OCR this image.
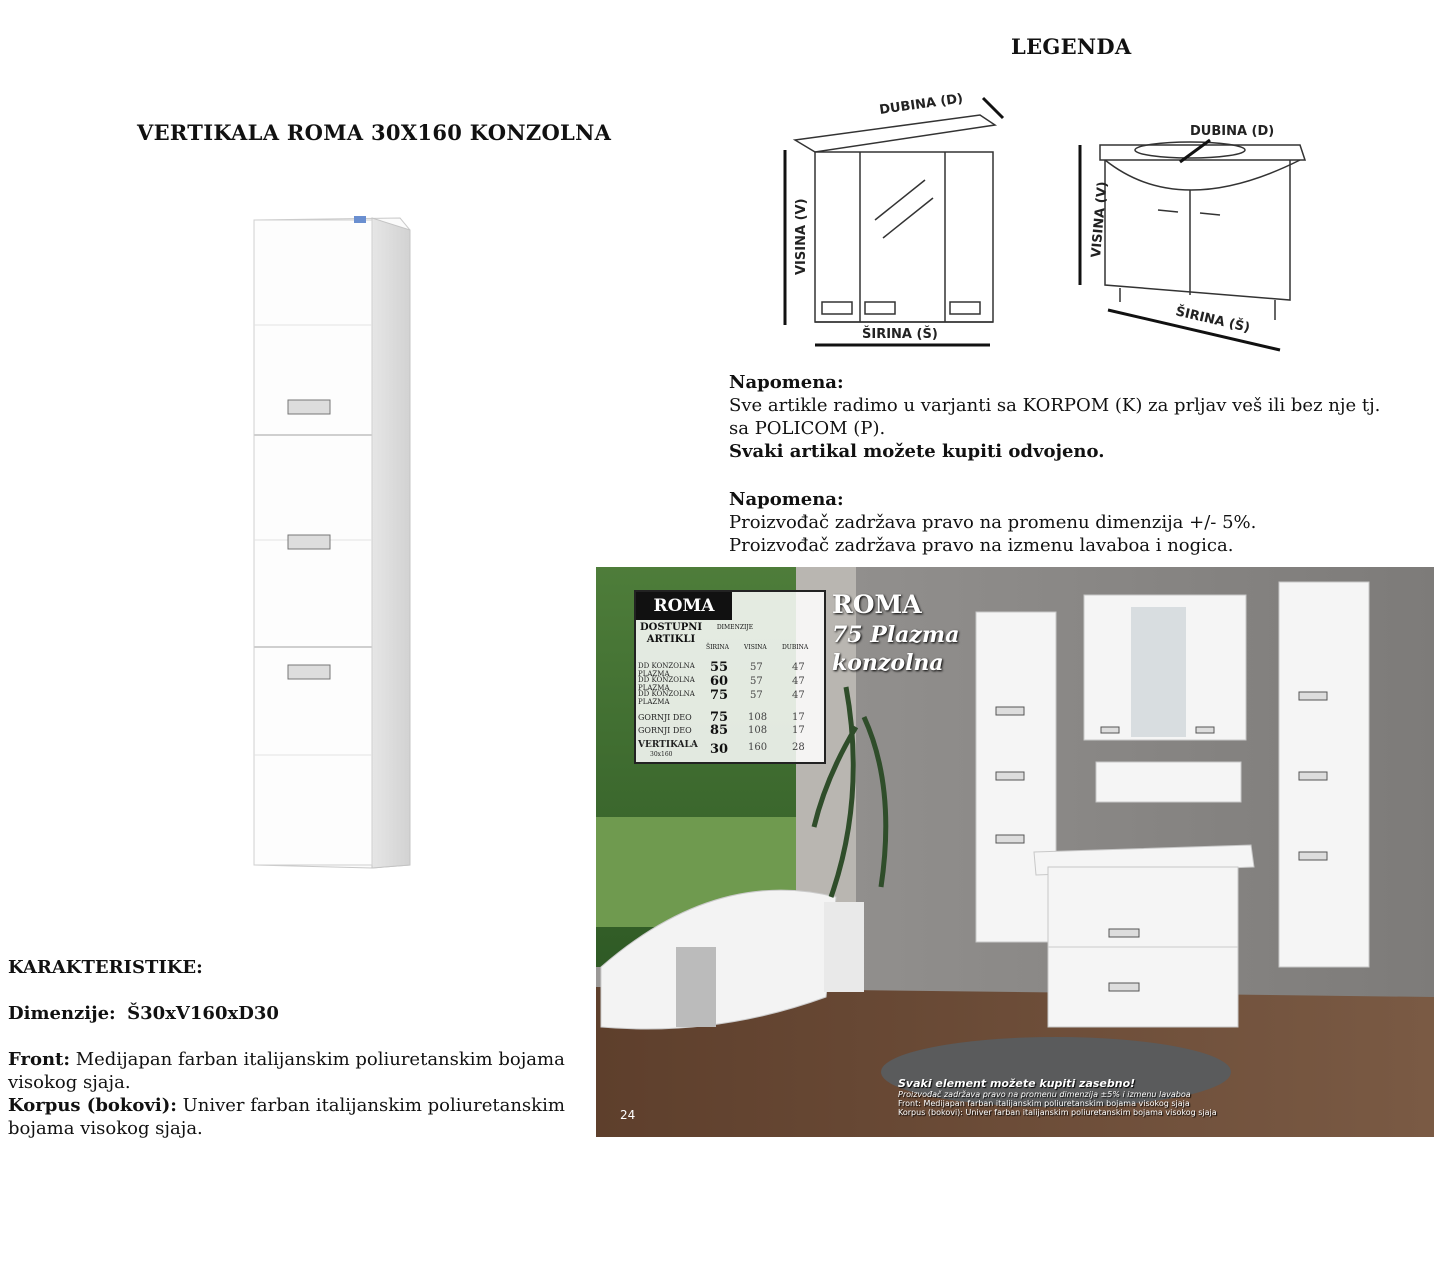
VERTIKALA ROMA 30X160 KONZOLNA
LEGENDA
DUBINA (D)
VISINA (V)
ŠIRINA (Š)
DUBINA (D)
VISINA (V)
ŠIRINA (Š)
Napomena:
Sve artikle radimo u varjanti sa KORPOM (K) za prljav veš ili bez nje tj.
sa POLICOM (P).
Svaki artikal možete kupiti odvojeno.
Napomena:
Proizvođač zadržava pravo na promenu dimenzija +/- 5%.
Proizvođač zadržava pravo na izmenu lavaboa i nogica.
KARAKTERISTIKE:
Dimenzije: Š30xV160xD30
Front: Medijapan farban italijanskim poliuretanskim bojama
visokog sjaja.
Korpus (bokovi): Univer farban italijanskim poliuretanskim
bojama visokog sjaja.
ROMA
DOSTUPNI ARTIKLI
DIMENZIJE
ŠIRINA	VISINA	DUBINA
DD KONZOLNA PLAZMA	55 57	47
DD KONZOLNA PLAZMA	60 57	47
DD KONZOLNA PLAZMA	75 57	47
GORNJI DEO 75 108 17
GORNJI DEO 85 108 17
VERTIKALA
30x160	30 160 28
ROMA
75 Plazma
konzolna
Svaki element možete kupiti zasebno!
Proizvođač zadržava pravo na promenu dimenzija ±5% i izmenu lavaboa
Front: Medijapan farban italijanskim poliuretanskim bojama visokog sjaja
Korpus (bokovi): Univer farban italijanskim poliuretanskim bojama visokog sjaja
24
